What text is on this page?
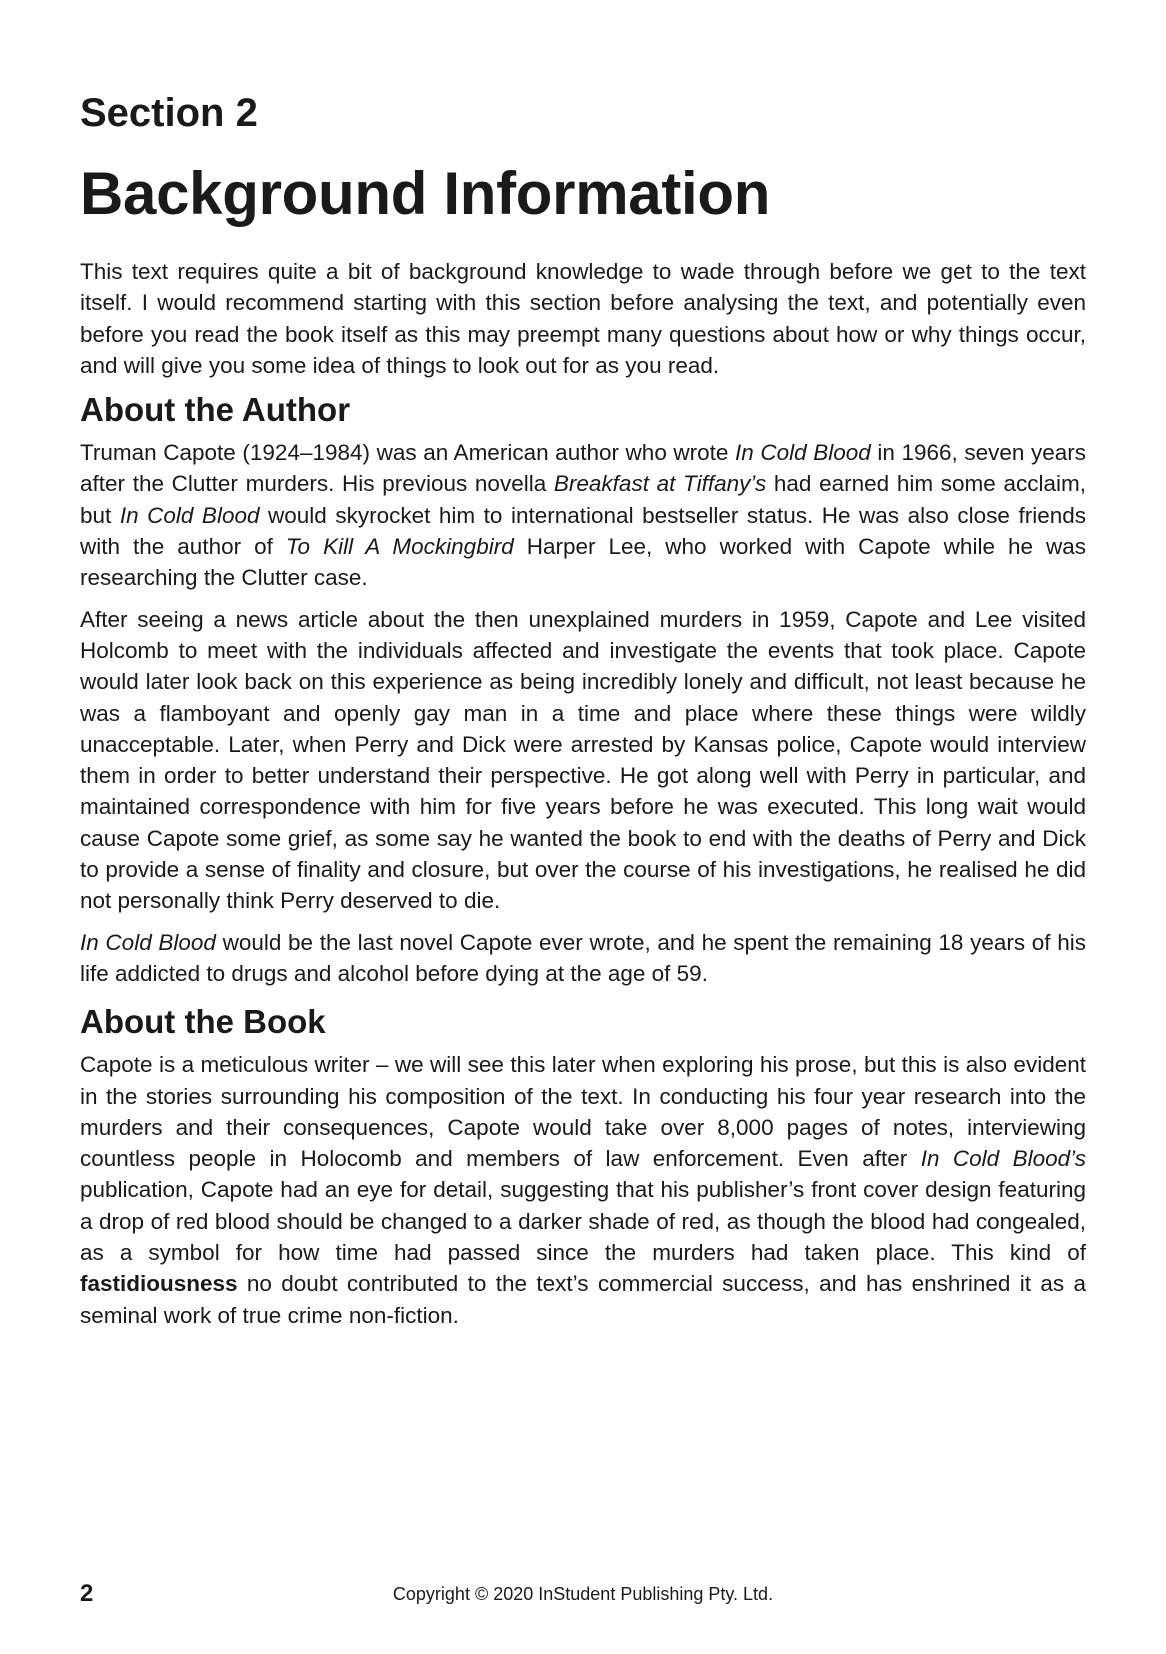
Section 2
Background Information

This text requires quite a bit of background knowledge to wade through before we get to the text itself. I would recommend starting with this section before analysing the text, and potentially even before you read the book itself as this may preempt many questions about how or why things occur, and will give you some idea of things to look out for as you read.

About the Author

Truman Capote (1924–1984) was an American author who wrote In Cold Blood in 1966, seven years after the Clutter murders. His previous novella Breakfast at Tiffany’s had earned him some acclaim, but In Cold Blood would skyrocket him to international bestseller status. He was also close friends with the author of To Kill A Mockingbird Harper Lee, who worked with Capote while he was researching the Clutter case.

After seeing a news article about the then unexplained murders in 1959, Capote and Lee visited Holcomb to meet with the individuals affected and investigate the events that took place. Capote would later look back on this experience as being incredibly lonely and difficult, not least because he was a flamboyant and openly gay man in a time and place where these things were wildly unacceptable. Later, when Perry and Dick were arrested by Kansas police, Capote would interview them in order to better understand their perspective. He got along well with Perry in particular, and maintained correspondence with him for five years before he was executed. This long wait would cause Capote some grief, as some say he wanted the book to end with the deaths of Perry and Dick to provide a sense of finality and closure, but over the course of his investigations, he realised he did not personally think Perry deserved to die.

In Cold Blood would be the last novel Capote ever wrote, and he spent the remaining 18 years of his life addicted to drugs and alcohol before dying at the age of 59.

About the Book

Capote is a meticulous writer – we will see this later when exploring his prose, but this is also evident in the stories surrounding his composition of the text. In conducting his four year research into the murders and their consequences, Capote would take over 8,000 pages of notes, interviewing countless people in Holocomb and members of law enforcement. Even after In Cold Blood’s publication, Capote had an eye for detail, suggesting that his publisher’s front cover design featuring a drop of red blood should be changed to a darker shade of red, as though the blood had congealed, as a symbol for how time had passed since the murders had taken place. This kind of fastidiousness no doubt contributed to the text’s commercial success, and has enshrined it as a seminal work of true crime non-fiction.

2	Copyright © 2020 InStudent Publishing Pty. Ltd.
